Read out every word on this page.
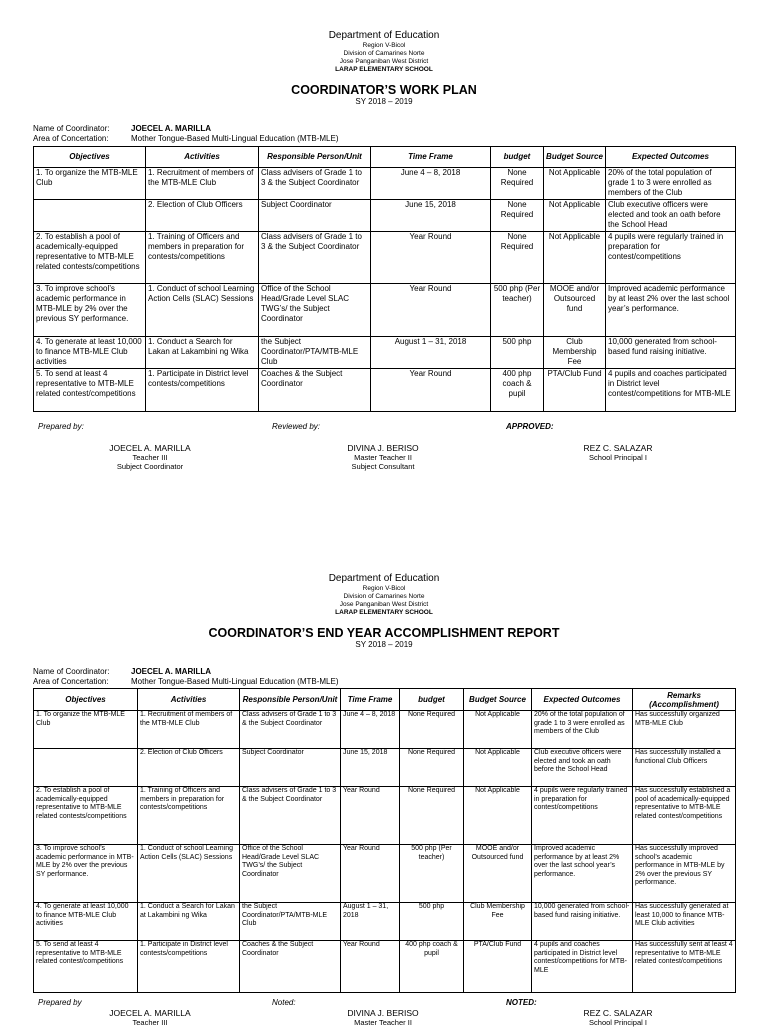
Department of Education
Region V-Bicol
Division of Camarines Norte
Jose Panganiban West District
LARAP ELEMENTARY SCHOOL
COORDINATOR’S WORK PLAN
SY 2018 – 2019
Name of Coordinator:	JOECEL A. MARILLA
Area of Concertation:	Mother Tongue-Based Multi-Lingual Education (MTB-MLE)
Objectives	Activities	Responsible Person/Unit	Time Frame	budget	Budget Source	Expected Outcomes
1. To organize the MTB-MLE Club	1. Recruitment of members of the MTB-MLE Club	Class advisers of Grade 1 to 3 & the Subject Coordinator	June 4 – 8, 2018	None Required	Not Applicable	20% of the total population of grade 1 to 3 were enrolled as members of the Club
	2. Election of Club Officers	Subject Coordinator	June 15, 2018	None Required	Not Applicable	Club executive officers were elected and took an oath before the School Head
2. To establish a pool of academically-equipped representative to MTB-MLE related contests/competitions	1. Training of Officers and members in preparation for contests/competitions	Class advisers of Grade 1 to 3 & the Subject Coordinator	Year Round	None Required	Not Applicable	4 pupils were regularly trained in preparation for contest/competitions
3. To improve school’s academic performance in MTB-MLE by 2% over the previous SY performance.	1. Conduct of school Learning Action Cells (SLAC) Sessions	Office of the School Head/Grade Level SLAC TWG’s/ the Subject Coordinator	Year Round	500 php (Per teacher)	MOOE and/or Outsourced fund	Improved academic performance by at least 2% over the last school year’s performance.
4. To generate at least 10,000 to finance MTB-MLE Club activities	1. Conduct a Search for Lakan at Lakambini ng Wika	the Subject Coordinator/PTA/MTB-MLE Club	August 1 – 31, 2018	500 php	Club Membership Fee	10,000 generated from school-based fund raising initiative.
5. To send at least 4 representative to MTB-MLE related contest/competitions	1. Participate in District level contests/competitions	Coaches & the Subject Coordinator	Year Round	400 php coach & pupil	PTA/Club Fund	4 pupils and coaches participated in District level contest/competitions for MTB-MLE
Prepared by:	Reviewed by:	APPROVED:
JOECEL A. MARILLA
Teacher III
Subject Coordinator
DIVINA J. BERISO
Master Teacher II
Subject Consultant
REZ C. SALAZAR
School Principal I
Department of Education
Region V-Bicol
Division of Camarines Norte
Jose Panganiban West District
LARAP ELEMENTARY SCHOOL
COORDINATOR’S END YEAR ACCOMPLISHMENT REPORT
SY 2018 – 2019
Name of Coordinator:	JOECEL A. MARILLA
Area of Concertation:	Mother Tongue-Based Multi-Lingual Education (MTB-MLE)
Objectives	Activities	Responsible Person/Unit	Time Frame	budget	Budget Source	Expected Outcomes	Remarks (Accomplishment)
1. To organize the MTB-MLE Club	1. Recruitment of members of the MTB-MLE Club	Class advisers of Grade 1 to 3 & the Subject Coordinator	June 4 – 8, 2018	None Required	Not Applicable	20% of the total population of grade 1 to 3 were enrolled as members of the Club	Has successfully organized MTB-MLE Club
	2. Election of Club Officers	Subject Coordinator	June 15, 2018	None Required	Not Applicable	Club executive officers were elected and took an oath before the School Head	Has successfully installed a functional Club Officers
2. To establish a pool of academically-equipped representative to MTB-MLE related contests/competitions	1. Training of Officers and members in preparation for contests/competitions	Class advisers of Grade 1 to 3 & the Subject Coordinator	Year Round	None Required	Not Applicable	4 pupils were regularly trained in preparation for contest/competitions	Has successfully established a pool of academically-equipped representative to MTB-MLE related contest/competitions
3. To improve school’s academic performance in MTB-MLE by 2% over the previous SY performance.	1. Conduct of school Learning Action Cells (SLAC) Sessions	Office of the School Head/Grade Level SLAC TWG’s/ the Subject Coordinator	Year Round	500 php (Per teacher)	MOOE and/or Outsourced fund	Improved academic performance by at least 2% over the last school year’s performance.	Has successfully improved school’s academic performance in MTB-MLE by 2% over the previous SY performance.
4. To generate at least 10,000 to finance MTB-MLE Club activities	1. Conduct a Search for Lakan at Lakambini ng Wika	the Subject Coordinator/PTA/MTB-MLE Club	August 1 – 31, 2018	500 php	Club Membership Fee	10,000 generated from school-based fund raising initiative.	Has successfully generated at least 10,000 to finance MTB-MLE Club activities
5. To send at least 4 representative to MTB-MLE related contest/competitions	1. Participate in District level contests/competitions	Coaches & the Subject Coordinator	Year Round	400 php coach & pupil	PTA/Club Fund	4 pupils and coaches participated in District level contest/competitions for MTB-MLE	Has successfully sent at least 4 representative to MTB-MLE related contest/competitions
Prepared by	Noted:	NOTED:
JOECEL A. MARILLA
Teacher III
DIVINA J. BERISO
Master Teacher II
REZ C. SALAZAR
School Principal I
